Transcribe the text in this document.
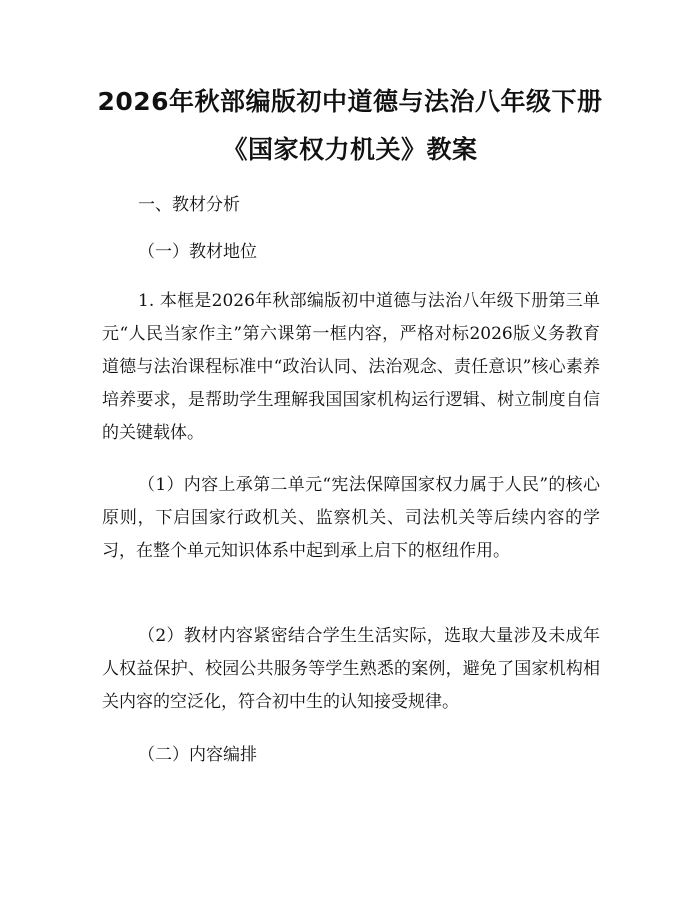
2026年秋部编版初中道德与法治八年级下册
《国家权力机关》教案
一、教材分析
（一）教材地位

1. 本框是2026年秋部编版初中道德与法治八年级下册第三单元“人民当家作主”第六课第一框内容，严格对标2026版义务教育道德与法治课程标准中“政治认同、法治观念、责任意识”核心素养培养要求，是帮助学生理解我国国家机构运行逻辑、树立制度自信的关键载体。

（1）内容上承第二单元“宪法保障国家权力属于人民”的核心原则，下启国家行政机关、监察机关、司法机关等后续内容的学习，在整个单元知识体系中起到承上启下的枢纽作用。

（2）教材内容紧密结合学生生活实际，选取大量涉及未成年人权益保护、校园公共服务等学生熟悉的案例，避免了国家机构相关内容的空泛化，符合初中生的认知接受规律。

（二）内容编排
